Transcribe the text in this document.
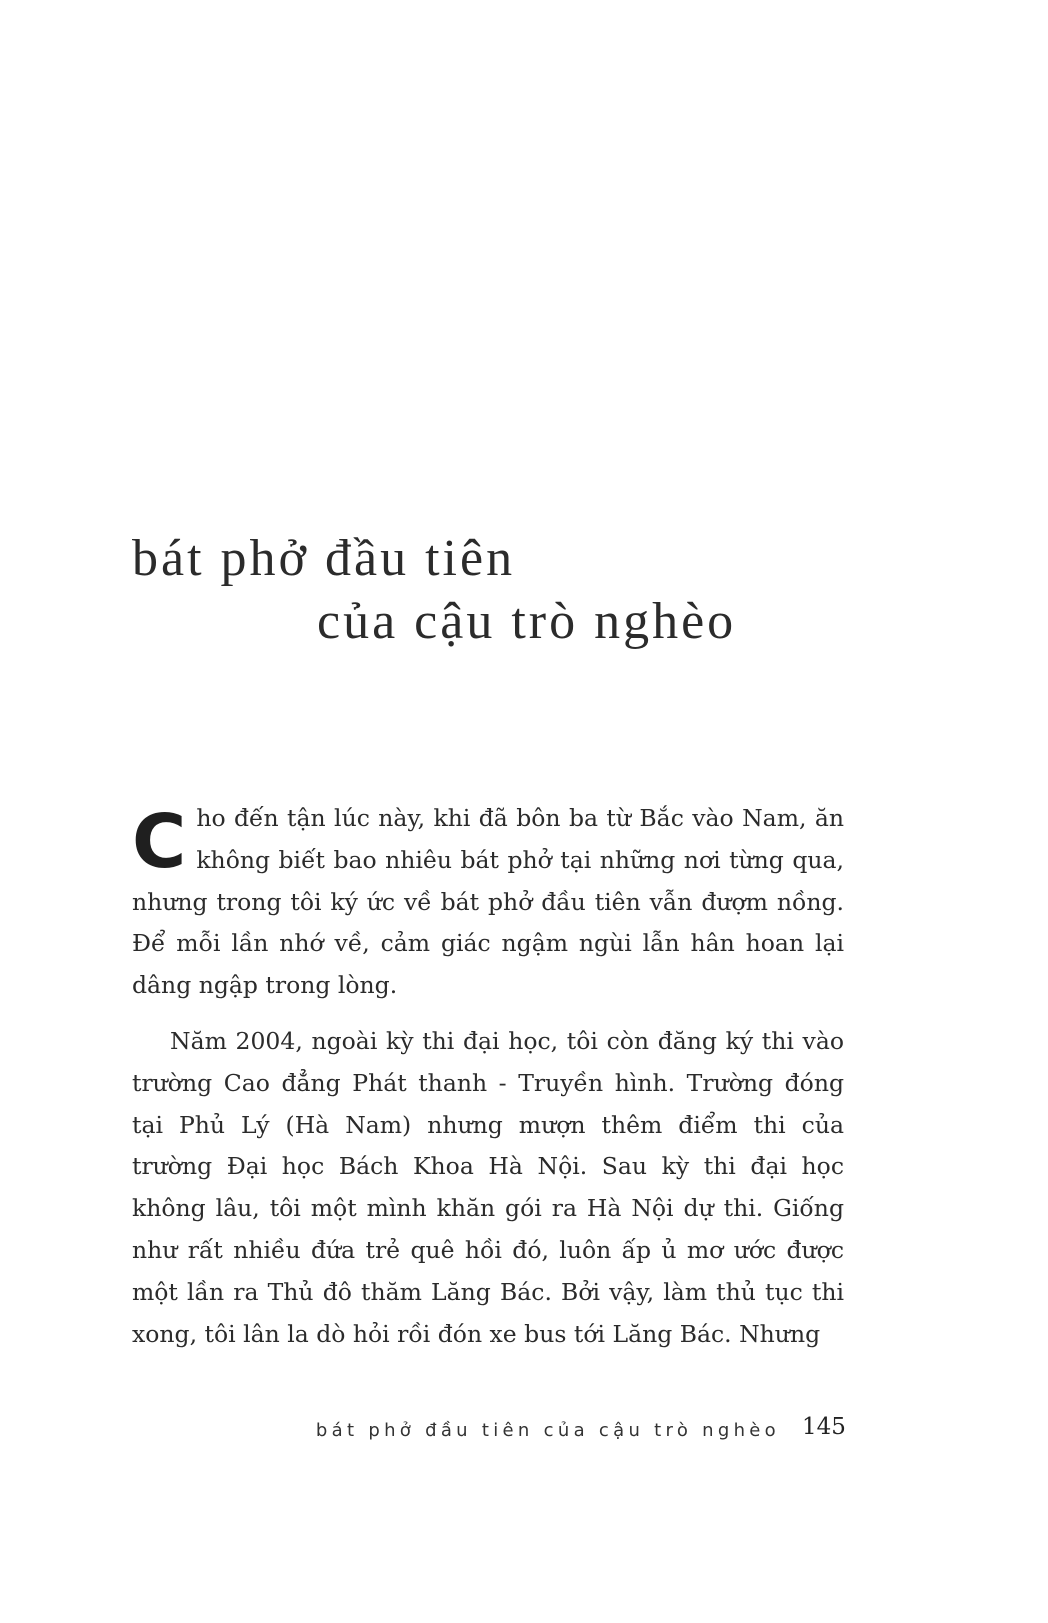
bát phở đầu tiên
của cậu trò nghèo

Cho đến tận lúc này, khi đã bôn ba từ Bắc vào Nam, ăn không biết bao nhiêu bát phở tại những nơi từng qua, nhưng trong tôi ký ức về bát phở đầu tiên vẫn đượm nồng. Để mỗi lần nhớ về, cảm giác ngậm ngùi lẫn hân hoan lại dâng ngập trong lòng.

Năm 2004, ngoài kỳ thi đại học, tôi còn đăng ký thi vào trường Cao đẳng Phát thanh - Truyền hình. Trường đóng tại Phủ Lý (Hà Nam) nhưng mượn thêm điểm thi của trường Đại học Bách Khoa Hà Nội. Sau kỳ thi đại học không lâu, tôi một mình khăn gói ra Hà Nội dự thi. Giống như rất nhiều đứa trẻ quê hồi đó, luôn ấp ủ mơ ước được một lần ra Thủ đô thăm Lăng Bác. Bởi vậy, làm thủ tục thi xong, tôi lân la dò hỏi rồi đón xe bus tới Lăng Bác. Nhưng

bát phở đầu tiên của cậu trò nghèo 145
